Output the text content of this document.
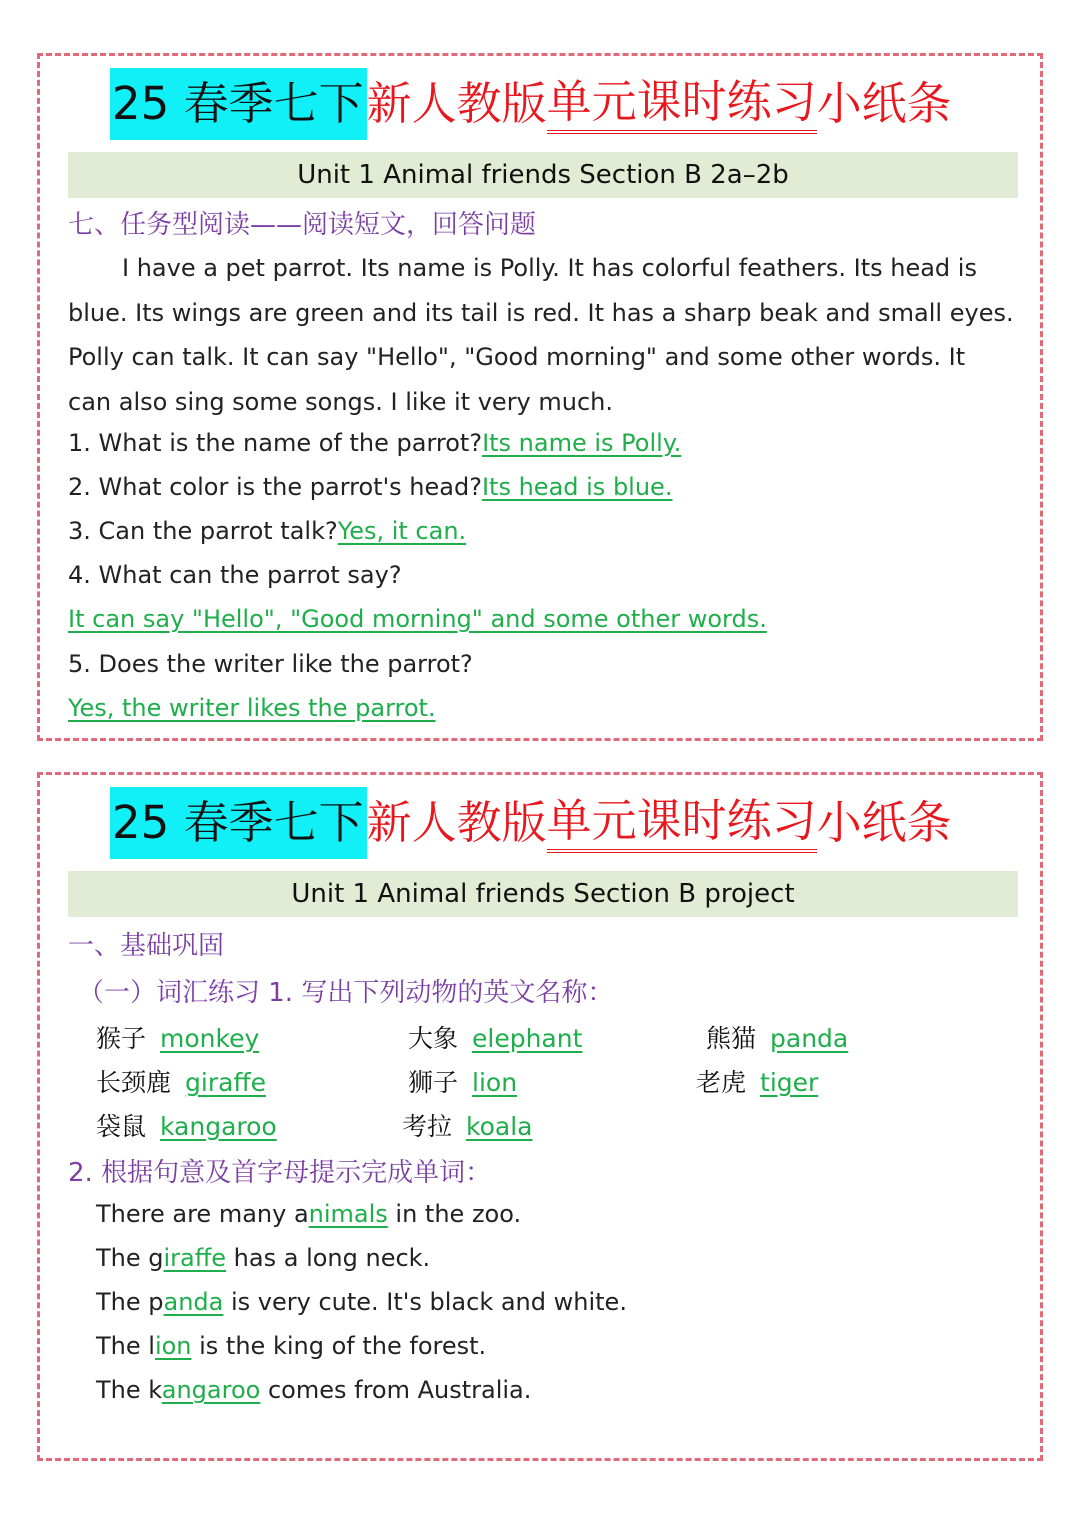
25 春季七下 新人教版 单元课时练习 小纸条
Unit 1 Animal friends Section B 2a–2b
七、任务型阅读——阅读短文，回答问题
I have a pet parrot. Its name is Polly. It has colorful feathers. Its head is
blue. Its wings are green and its tail is red. It has a sharp beak and small eyes.
Polly can talk. It can say "Hello", "Good morning" and some other words. It
can also sing some songs. I like it very much.
1. What is the name of the parrot?Its name is Polly.
2. What color is the parrot's head?Its head is blue.
3. Can the parrot talk?Yes, it can.
4. What can the parrot say?
It can say "Hello", "Good morning" and some other words.
5. Does the writer like the parrot?
Yes, the writer likes the parrot.
25 春季七下 新人教版 单元课时练习 小纸条
Unit 1 Animal friends Section B project
一、基础巩固
（一）词汇练习 1. 写出下列动物的英文名称：
猴子 monkey	大象 elephant	熊猫 panda
长颈鹿 giraffe	狮子 lion	老虎 tiger
袋鼠 kangaroo	考拉 koala
2. 根据句意及首字母提示完成单词：
There are many animals in the zoo.
The giraffe has a long neck.
The panda is very cute. It's black and white.
The lion is the king of the forest.
The kangaroo comes from Australia.
